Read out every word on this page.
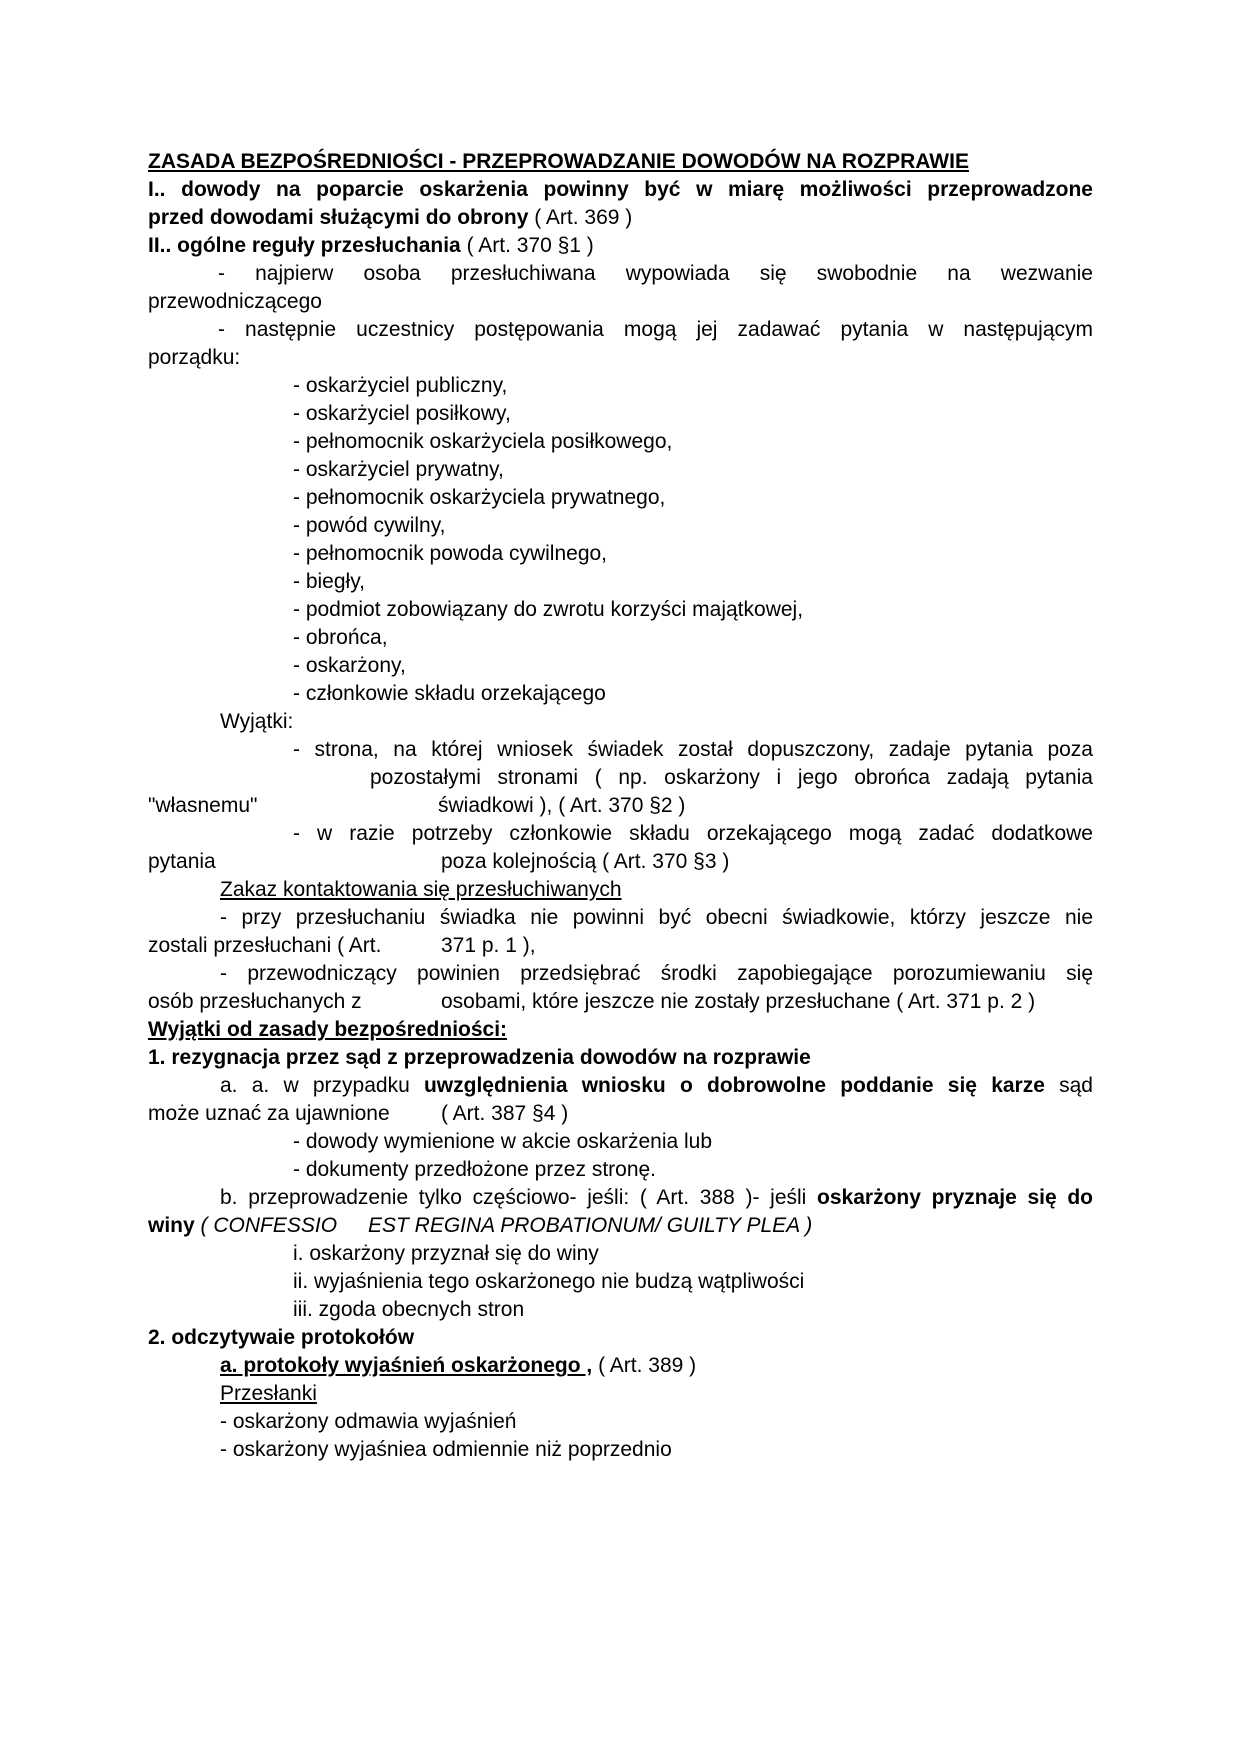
ZASADA BEZPOŚREDNIOŚCI - PRZEPROWADZANIE DOWODÓW NA ROZPRAWIE
I.. dowody na poparcie oskarżenia powinny być w miarę możliwości przeprowadzone
przed dowodami służącymi do obrony ( Art. 369 )
II.. ogólne reguły przesłuchania ( Art. 370 §1 )
- najpierw osoba przesłuchiwana wypowiada się swobodnie na wezwanie
przewodniczącego
- następnie uczestnicy postępowania mogą jej zadawać pytania w następującym
porządku:
- oskarżyciel publiczny,
- oskarżyciel posiłkowy,
- pełnomocnik oskarżyciela posiłkowego,
- oskarżyciel prywatny,
- pełnomocnik oskarżyciela prywatnego,
- powód cywilny,
- pełnomocnik powoda cywilnego,
- biegły,
- podmiot zobowiązany do zwrotu korzyści majątkowej,
- obrońca,
- oskarżony,
- członkowie składu orzekającego
Wyjątki:
- strona, na której wniosek świadek został dopuszczony, zadaje pytania poza
pozostałymi stronami ( np. oskarżony i jego obrońca zadają pytania
"własnemu"	świadkowi ), ( Art. 370 §2 )
- w razie potrzeby członkowie składu orzekającego mogą zadać dodatkowe
pytania	poza kolejnością ( Art. 370 §3 )
Zakaz kontaktowania się przesłuchiwanych
- przy przesłuchaniu świadka nie powinni być obecni świadkowie, którzy jeszcze nie
zostali przesłuchani ( Art.	371 p. 1 ),
- przewodniczący powinien przedsiębrać środki zapobiegające porozumiewaniu się
osób przesłuchanych z	osobami, które jeszcze nie zostały przesłuchane ( Art. 371 p. 2 )
Wyjątki od zasady bezpośredniości:
1. rezygnacja przez sąd z przeprowadzenia dowodów na rozprawie
a. a. w przypadku uwzględnienia wniosku o dobrowolne poddanie się karze sąd
może uznać za ujawnione ( Art. 387 §4 )
- dowody wymienione w akcie oskarżenia lub
- dokumenty przedłożone przez stronę.
b. przeprowadzenie tylko częściowo- jeśli: ( Art. 388 )- jeśli oskarżony pryznaje się do
winy ( CONFESSIO EST REGINA PROBATIONUM/ GUILTY PLEA )
i. oskarżony przyznał się do winy
ii. wyjaśnienia tego oskarżonego nie budzą wątpliwości
iii. zgoda obecnych stron
2. odczytywaie protokołów
a. protokoły wyjaśnień oskarżonego , ( Art. 389 )
Przesłanki
- oskarżony odmawia wyjaśnień
- oskarżony wyjaśniea odmiennie niż poprzednio
